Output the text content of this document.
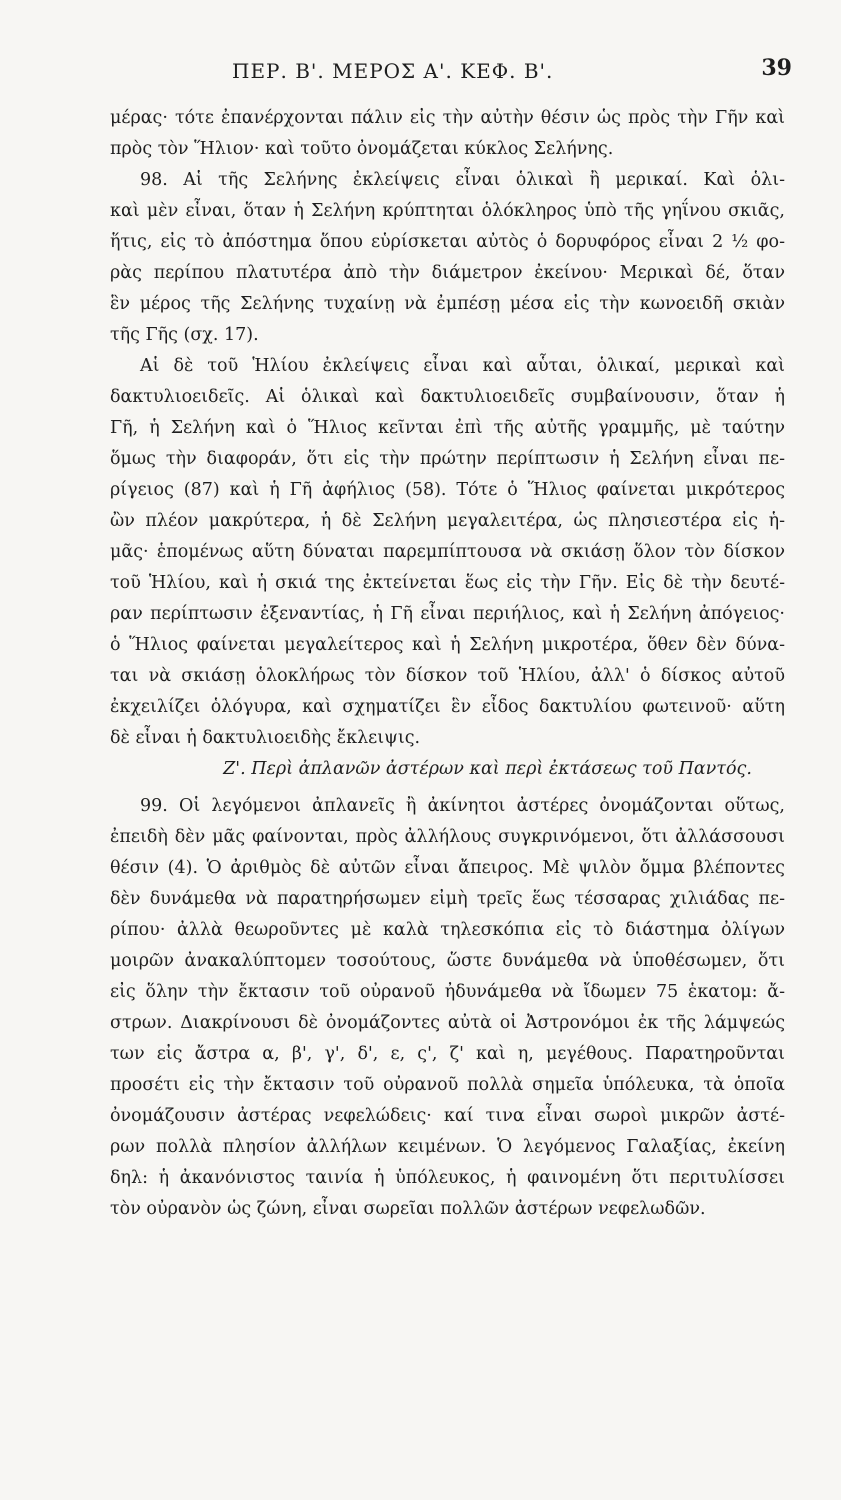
ΠΕΡ. Β'. ΜΕΡΟΣ Α'. ΚΕΦ. Β'.	39
μέρας· τότε ἐπανέρχονται πάλιν εἰς τὴν αὐτὴν θέσιν ὡς πρὸς τὴν Γῆν καὶ
πρὸς τὸν Ἥλιον· καὶ τοῦτο ὀνομάζεται κύκλος Σελήνης.
98. Αἱ τῆς Σελήνης ἐκλείψεις εἶναι ὁλικαὶ ἢ μερικαί. Καὶ ὁλι-
καὶ μὲν εἶναι, ὅταν ἡ Σελήνη κρύπτηται ὁλόκληρος ὑπὸ τῆς γηΐνου σκιᾶς,
ἥτις, εἰς τὸ ἀπόστημα ὅπου εὑρίσκεται αὐτὸς ὁ δορυφόρος εἶναι 2 ½ φο-
ρὰς περίπου πλατυτέρα ἀπὸ τὴν διάμετρον ἐκείνου· Μερικαὶ δέ, ὅταν
ἓν μέρος τῆς Σελήνης τυχαίνῃ νὰ ἐμπέσῃ μέσα εἰς τὴν κωνοειδῆ σκιὰν
τῆς Γῆς (σχ. 17).
Αἱ δὲ τοῦ Ἡλίου ἐκλείψεις εἶναι καὶ αὗται, ὁλικαί, μερικαὶ καὶ
δακτυλιοειδεῖς. Αἱ ὁλικαὶ καὶ δακτυλιοειδεῖς συμβαίνουσιν, ὅταν ἡ
Γῆ, ἡ Σελήνη καὶ ὁ Ἥλιος κεῖνται ἐπὶ τῆς αὐτῆς γραμμῆς, μὲ ταύτην
ὅμως τὴν διαφοράν, ὅτι εἰς τὴν πρώτην περίπτωσιν ἡ Σελήνη εἶναι πε-
ρίγειος (87) καὶ ἡ Γῆ ἀφήλιος (58). Τότε ὁ Ἥλιος φαίνεται μικρότερος
ὢν πλέον μακρύτερα, ἡ δὲ Σελήνη μεγαλειτέρα, ὡς πλησιεστέρα εἰς ἡ-
μᾶς· ἑπομένως αὕτη δύναται παρεμπίπτουσα νὰ σκιάσῃ ὅλον τὸν δίσκον
τοῦ Ἡλίου, καὶ ἡ σκιά της ἐκτείνεται ἕως εἰς τὴν Γῆν. Εἰς δὲ τὴν δευτέ-
ραν περίπτωσιν ἐξεναντίας, ἡ Γῆ εἶναι περιήλιος, καὶ ἡ Σελήνη ἀπόγειος·
ὁ Ἥλιος φαίνεται μεγαλείτερος καὶ ἡ Σελήνη μικροτέρα, ὅθεν δὲν δύνα-
ται νὰ σκιάσῃ ὁλοκλήρως τὸν δίσκον τοῦ Ἡλίου, ἀλλ' ὁ δίσκος αὐτοῦ
ἐκχειλίζει ὁλόγυρα, καὶ σχηματίζει ἓν εἶδος δακτυλίου φωτεινοῦ· αὕτη
δὲ εἶναι ἡ δακτυλιοειδὴς ἔκλειψις.
Ζ'. Περὶ ἀπλανῶν ἀστέρων καὶ περὶ ἐκτάσεως τοῦ Παντός.
99. Οἱ λεγόμενοι ἀπλανεῖς ἢ ἀκίνητοι ἀστέρες ὀνομάζονται οὕτως,
ἐπειδὴ δὲν μᾶς φαίνονται, πρὸς ἀλλήλους συγκρινόμενοι, ὅτι ἀλλάσσουσι
θέσιν (4). Ὁ ἀριθμὸς δὲ αὐτῶν εἶναι ἄπειρος. Μὲ ψιλὸν ὄμμα βλέποντες
δὲν δυνάμεθα νὰ παρατηρήσωμεν εἰμὴ τρεῖς ἕως τέσσαρας χιλιάδας πε-
ρίπου· ἀλλὰ θεωροῦντες μὲ καλὰ τηλεσκόπια εἰς τὸ διάστημα ὀλίγων
μοιρῶν ἀνακαλύπτομεν τοσούτους, ὥστε δυνάμεθα νὰ ὑποθέσωμεν, ὅτι
εἰς ὅλην τὴν ἔκτασιν τοῦ οὐρανοῦ ἠδυνάμεθα νὰ ἴδωμεν 75 ἑκατομ: ἄ-
στρων. Διακρίνουσι δὲ ὀνομάζοντες αὐτὰ οἱ Ἀστρονόμοι ἐκ τῆς λάμψεώς
των εἰς ἄστρα α, β', γ', δ', ε, ς', ζ' καὶ η, μεγέθους. Παρατηροῦνται
προσέτι εἰς τὴν ἔκτασιν τοῦ οὐρανοῦ πολλὰ σημεῖα ὑπόλευκα, τὰ ὁποῖα
ὀνομάζουσιν ἀστέρας νεφελώδεις· καί τινα εἶναι σωροὶ μικρῶν ἀστέ-
ρων πολλὰ πλησίον ἀλλήλων κειμένων. Ὁ λεγόμενος Γαλαξίας, ἐκείνη
δηλ: ἡ ἀκανόνιστος ταινία ἡ ὑπόλευκος, ἡ φαινομένη ὅτι περιτυλίσσει
τὸν οὐρανὸν ὡς ζώνη, εἶναι σωρεῖαι πολλῶν ἀστέρων νεφελωδῶν.
